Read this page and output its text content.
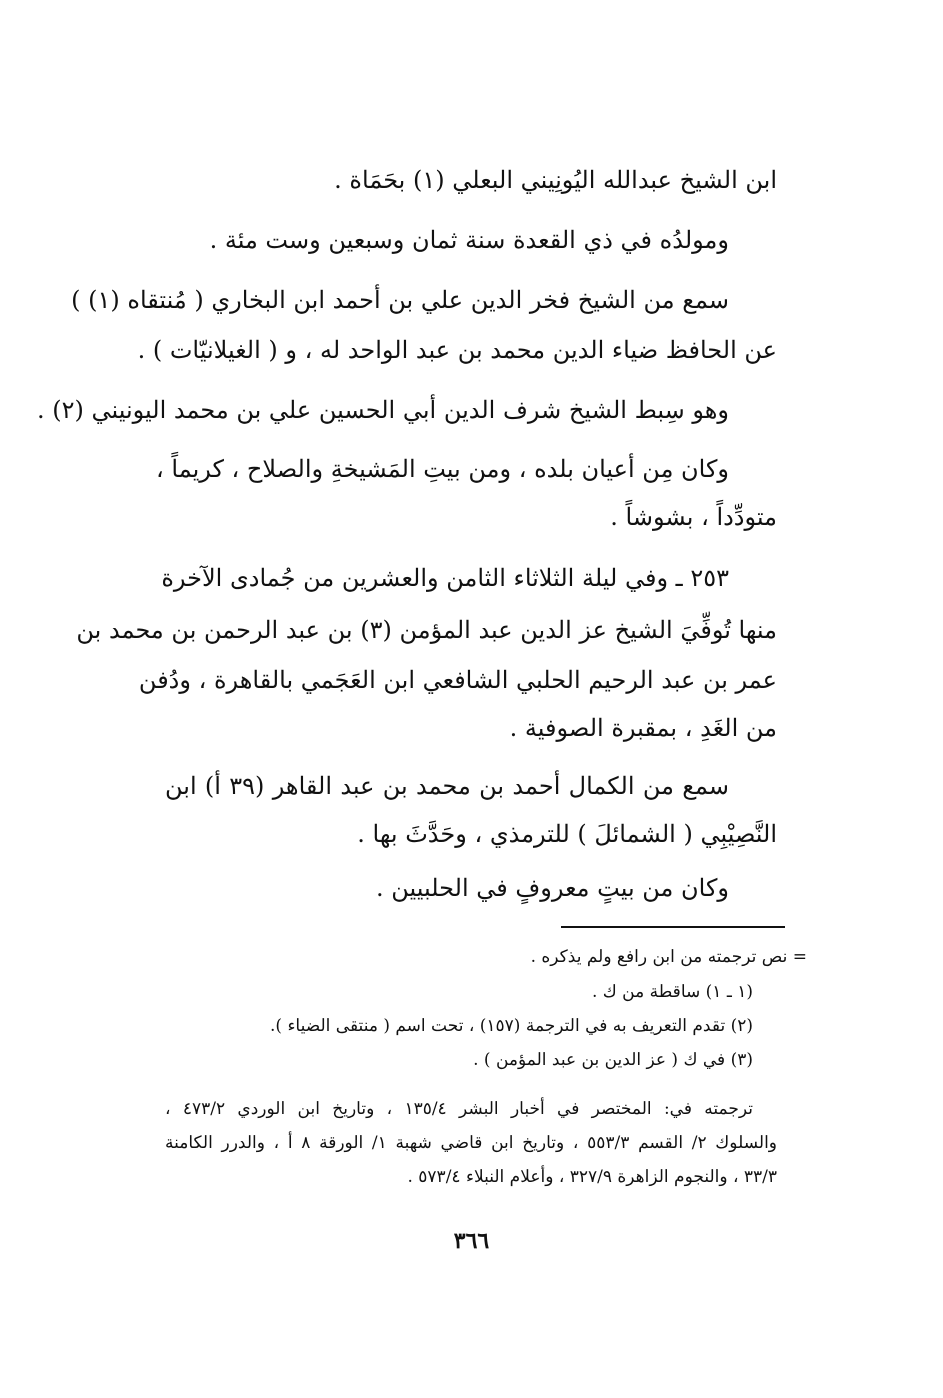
ابن الشيخ عبدالله اليُونِيني البعلي (١) بحَمَاة .
ومولدُه في ذي القعدة سنة ثمان وسبعين وست مئة .
سمع من الشيخ فخر الدين علي بن أحمد ابن البخاري ( مُنتقاه (١) )
عن الحافظ ضياء الدين محمد بن عبد الواحد له ، و ( الغيلانيّات ) .
وهو سِبط الشيخ شرف الدين أبي الحسين علي بن محمد اليونيني (٢) .
وكان مِن أعيان بلده ، ومن بيتِ المَشيخةِ والصلاح ، كريماً ،
متودِّداً ، بشوشاً .
٢٥٣ ـ وفي ليلة الثلاثاء الثامن والعشرين من جُمادى الآخرة
منها تُوفِّيَ الشيخ عز الدين عبد المؤمن (٣) بن عبد الرحمن بن محمد بن
عمر بن عبد الرحيم الحلبي الشافعي ابن العَجَمي بالقاهرة ، ودُفن
من الغَدِ ، بمقبرة الصوفية .
سمع من الكمال أحمد بن محمد بن عبد القاهر (٣٩ أ) ابن
النَّصِيْبِي ( الشمائلَ ) للترمذي ، وحَدَّثَ بها .
وكان من بيتٍ معروفٍ في الحلبيين .
= نص ترجمته من ابن رافع ولم يذكره .
(١ ـ ١) ساقطة من ك .
(٢) تقدم التعريف به في الترجمة (١٥٧) ، تحت اسم ( منتقى الضياء ).
(٣) في ك ( عز الدين بن عبد المؤمن ) .
ترجمته في: المختصر في أخبار البشر ١٣٥/٤ ، وتاريخ ابن الوردي ٤٧٣/٢ ،
والسلوك ٢/ القسم ٥٥٣/٣ ، وتاريخ ابن قاضي شهبة ١/ الورقة ٨ أ ، والدرر الكامنة
٣٣/٣ ، والنجوم الزاهرة ٣٢٧/٩ ، وأعلام النبلاء ٥٧٣/٤ .
٣٦٦
